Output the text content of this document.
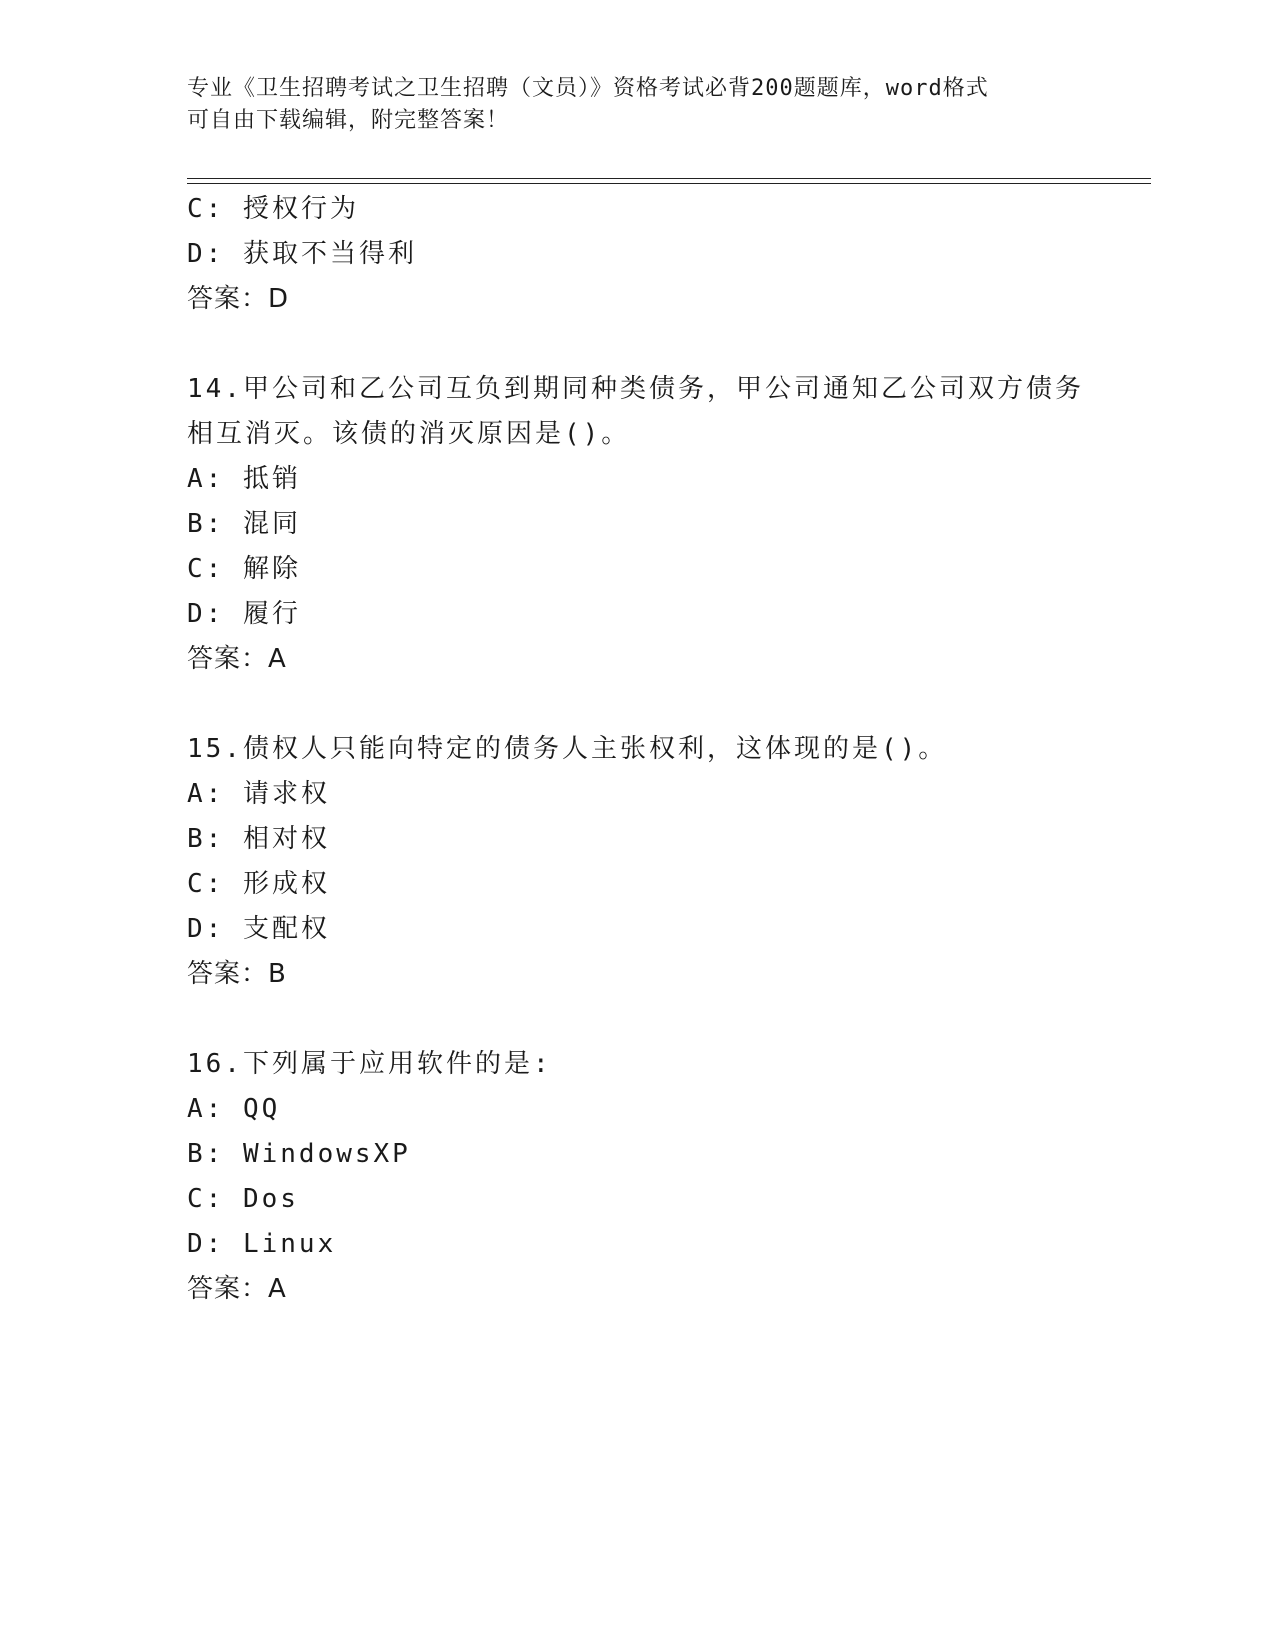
专业《卫生招聘考试之卫生招聘（文员）》资格考试必背200题题库，word格式
可自由下载编辑，附完整答案！
C: 授权行为
D: 获取不当得利
答案：D
14.甲公司和乙公司互负到期同种类债务，甲公司通知乙公司双方债务
相互消灭。该债的消灭原因是()。
A: 抵销
B: 混同
C: 解除
D: 履行
答案：A
15.债权人只能向特定的债务人主张权利，这体现的是()。
A: 请求权
B: 相对权
C: 形成权
D: 支配权
答案：B
16.下列属于应用软件的是:
A: QQ
B: WindowsXP
C: Dos
D: Linux
答案：A
